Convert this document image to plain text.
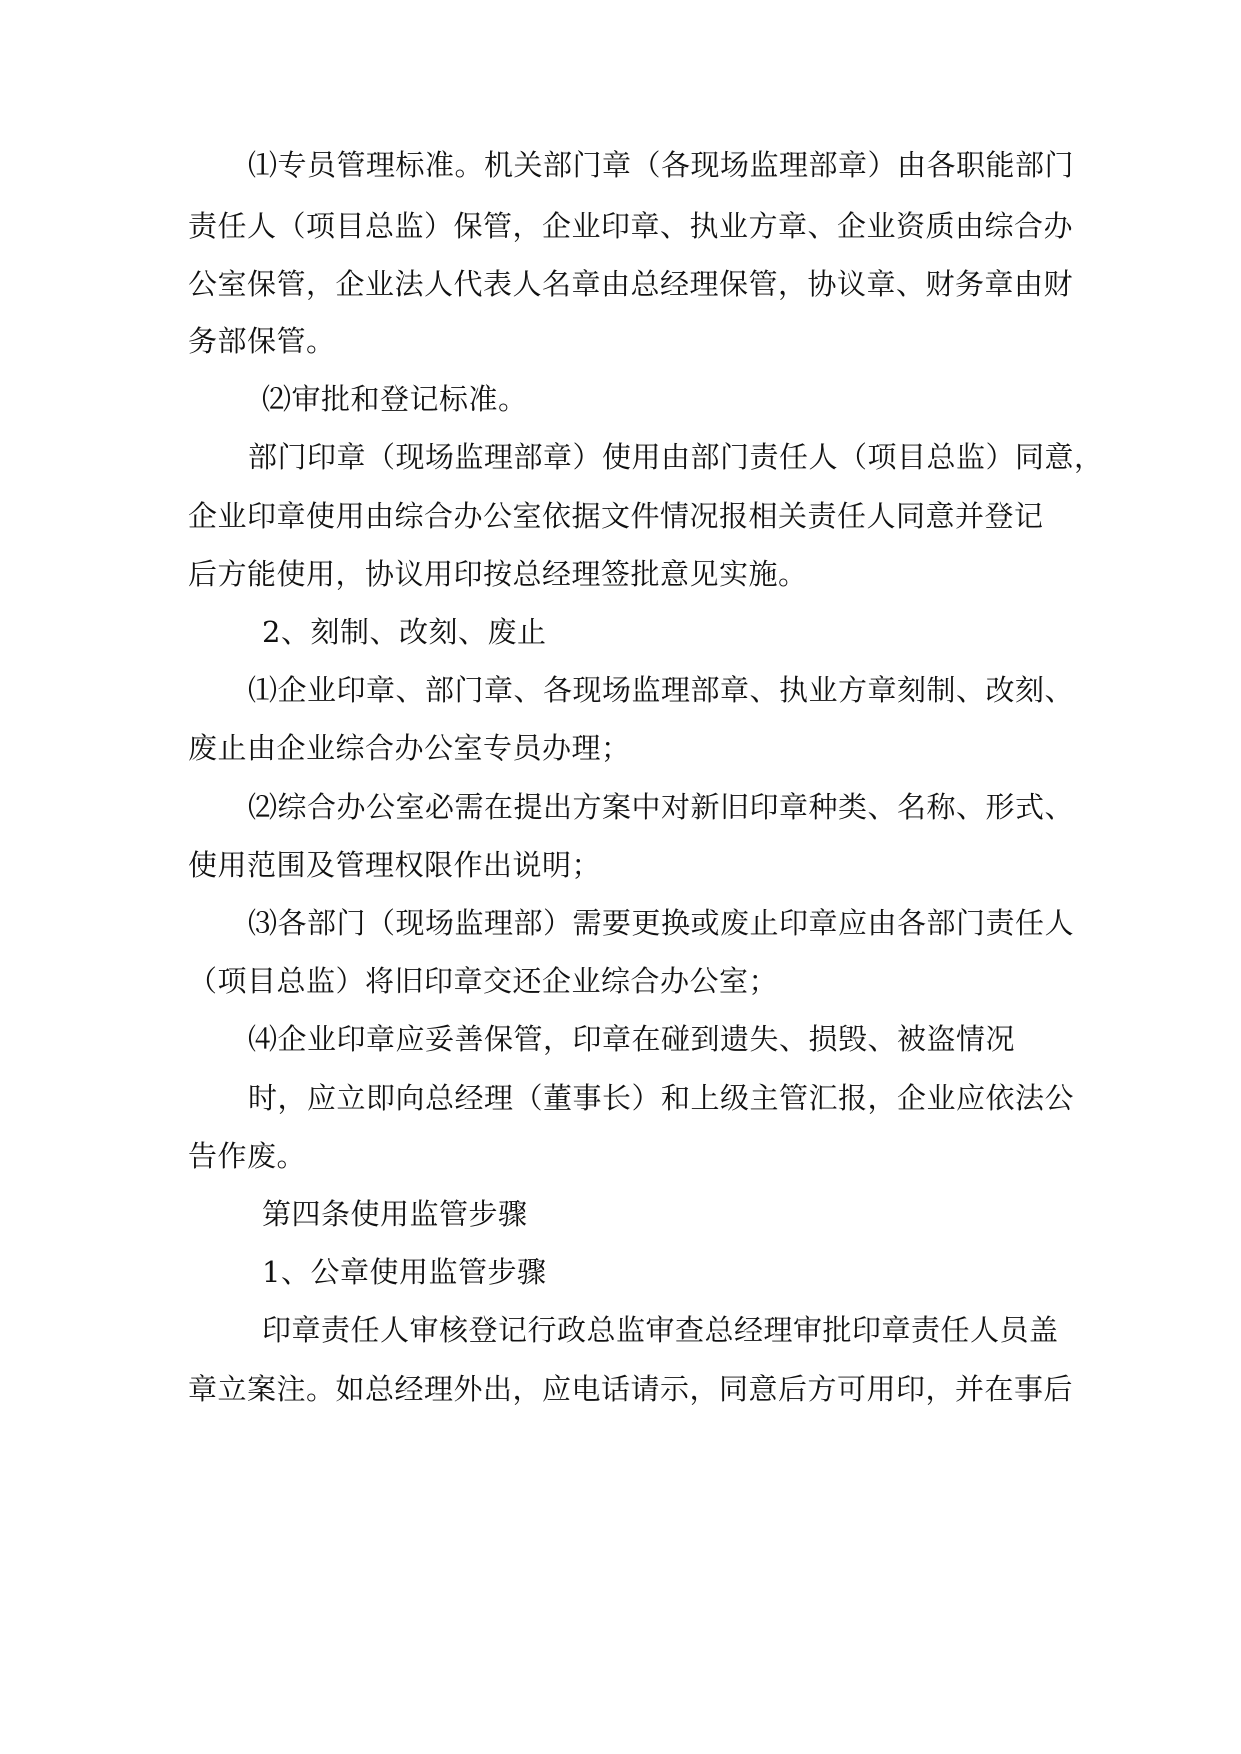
⑴专员管理标准。机关部门章（各现场监理部章）由各职能部门
责任人（项目总监）保管，企业印章、执业方章、企业资质由综合办
公室保管，企业法人代表人名章由总经理保管，协议章、财务章由财
务部保管。
⑵审批和登记标准。
部门印章（现场监理部章）使用由部门责任人（项目总监）同意，
企业印章使用由综合办公室依据文件情况报相关责任人同意并登记
后方能使用，协议用印按总经理签批意见实施。
2、刻制、改刻、废止
⑴企业印章、部门章、各现场监理部章、执业方章刻制、改刻、
废止由企业综合办公室专员办理；
⑵综合办公室必需在提出方案中对新旧印章种类、名称、形式、
使用范围及管理权限作出说明；
⑶各部门（现场监理部）需要更换或废止印章应由各部门责任人
（项目总监）将旧印章交还企业综合办公室；
⑷企业印章应妥善保管，印章在碰到遗失、损毁、被盗情况
时，应立即向总经理（董事长）和上级主管汇报，企业应依法公
告作废。
第四条使用监管步骤
1、公章使用监管步骤
印章责任人审核登记行政总监审查总经理审批印章责任人员盖
章立案注。如总经理外出，应电话请示，同意后方可用印，并在事后
